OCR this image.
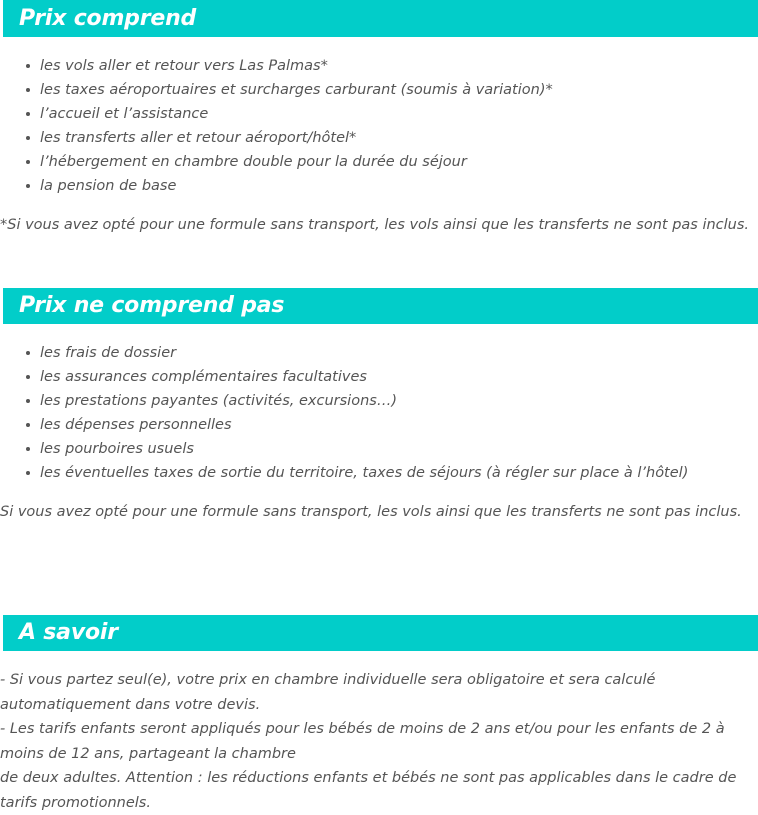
Prix comprend
les vols aller et retour vers Las Palmas*
les taxes aéroportuaires et surcharges carburant (soumis à variation)*
l’accueil et l’assistance
les transferts aller et retour aéroport/hôtel*
l’hébergement en chambre double pour la durée du séjour
la pension de base
*Si vous avez opté pour une formule sans transport, les vols ainsi que les transferts ne sont pas inclus.
Prix ne comprend pas
les frais de dossier
les assurances complémentaires facultatives
les prestations payantes (activités, excursions…)
les dépenses personnelles
les pourboires usuels
les éventuelles taxes de sortie du territoire, taxes de séjours (à régler sur place à l’hôtel)
Si vous avez opté pour une formule sans transport, les vols ainsi que les transferts ne sont pas inclus.
A savoir

- Si vous partez seul(e), votre prix en chambre individuelle sera obligatoire et sera calculé automatiquement dans votre devis.

- Les tarifs enfants seront appliqués pour les bébés de moins de 2 ans et/ou pour les enfants de 2 à moins de 12 ans, partageant la chambre

de deux adultes. Attention : les réductions enfants et bébés ne sont pas applicables dans le cadre de tarifs promotionnels.
